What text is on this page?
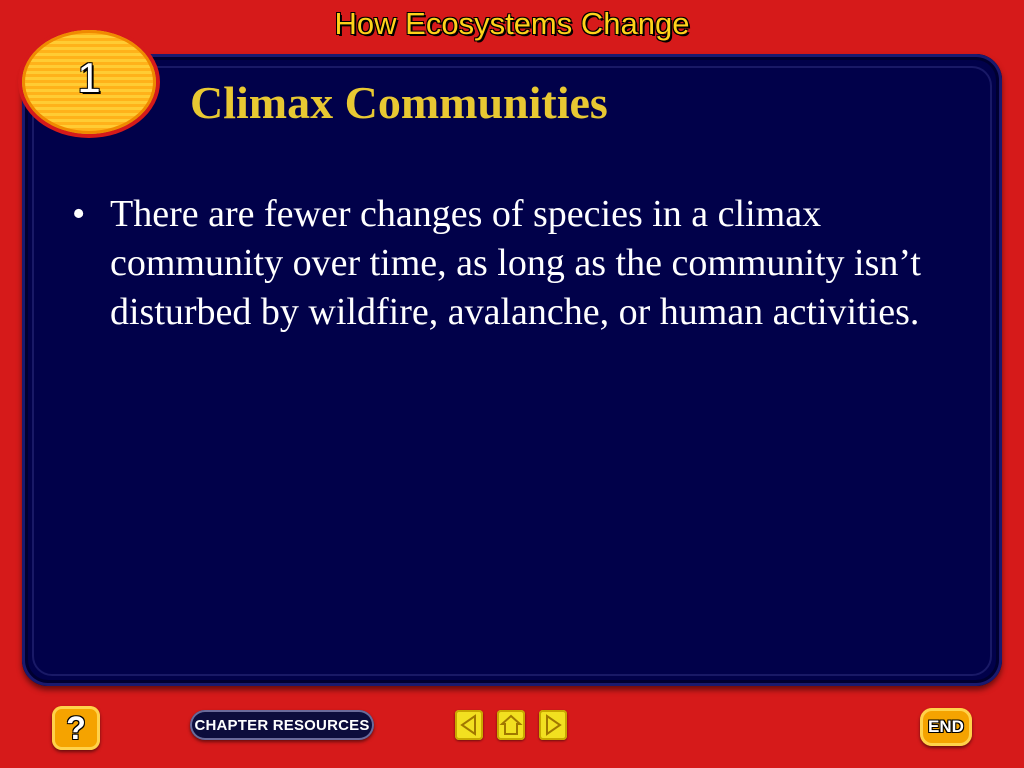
How Ecosystems Change
1	Climax Communities
• There are fewer changes of species in a climax community over time, as long as the community isn’t disturbed by wildfire, avalanche, or human activities.
?	CHAPTER RESOURCES	END
